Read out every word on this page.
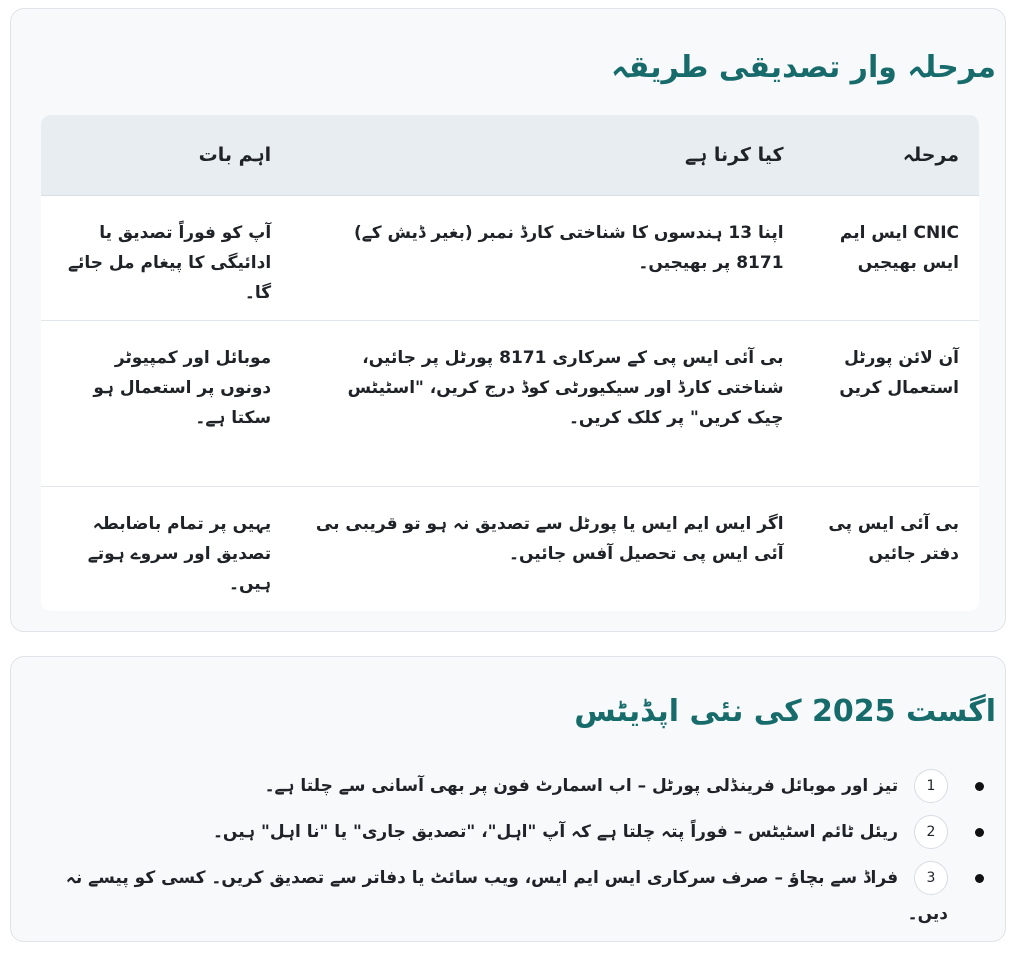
مرحلہ	کیا کرنا ہے	اہم بات
CNIC ایس ایم ایس بھیجیں	اپنا 13 ہندسوں کا شناختی کارڈ نمبر (بغیر ڈیش کے) 8171 پر بھیجیں۔	آپ کو فوراً تصدیق یا ادائیگی کا پیغام مل جائے گا۔
آن لائن پورٹل استعمال کریں	بی آئی ایس پی کے سرکاری 8171 پورٹل پر جائیں، شناختی کارڈ اور سیکیورٹی کوڈ درج کریں، "اسٹیٹس چیک کریں" پر کلک کریں۔	موبائل اور کمپیوٹر دونوں پر استعمال ہو سکتا ہے۔
بی آئی ایس پی دفتر جائیں	اگر ایس ایم ایس یا پورٹل سے تصدیق نہ ہو تو قریبی بی آئی ایس پی تحصیل آفس جائیں۔	یہیں پر تمام باضابطہ تصدیق اور سروے ہوتے ہیں۔
مرحلہ وار تصدیقی طریقہ
اگست 2025 کی نئی اپڈیٹس
1 تیز اور موبائل فرینڈلی پورٹل – اب اسمارٹ فون پر بھی آسانی سے چلتا ہے۔
2 ریئل ٹائم اسٹیٹس – فوراً پتہ چلتا ہے کہ آپ "اہل"، "تصدیق جاری" یا "نا اہل" ہیں۔
3 فراڈ سے بچاؤ – صرف سرکاری ایس ایم ایس، ویب سائٹ یا دفاتر سے تصدیق کریں۔ کسی کو پیسے نہ دیں۔
